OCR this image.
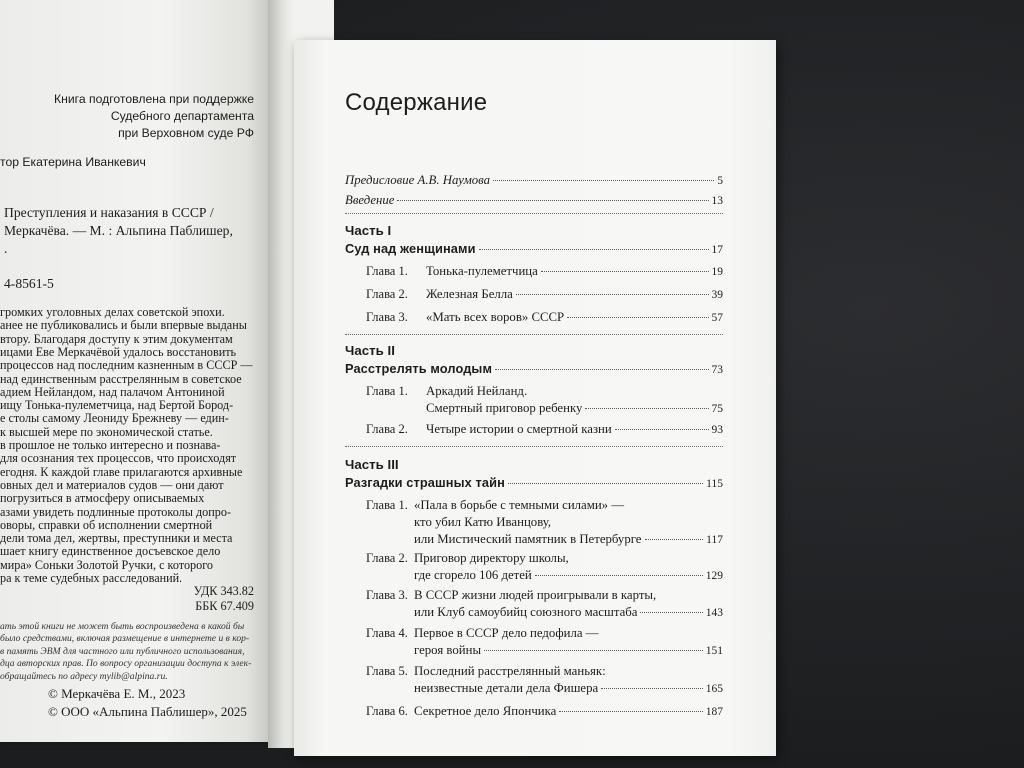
Книга подготовлена при поддержке
Судебного департамента
при Верховном суде РФ
тор Екатерина Иванкевич
Преступления и наказания в СССР /
Меркачёва. — М. : Альпина Паблишер,
.
4-8561-5
громких уголовных делах советской эпохи.
анее не публиковались и были впервые выданы
втору. Благодаря доступу к этим документам
ицами Еве Меркачёвой удалось восстановить
процессов над последним казненным в СССР —
над единственным расстрелянным в советское
адием Нейландом, над палачом Антониной
ищу Тонька-пулеметчица, над Бертой Бород-
е столы самому Леониду Брежневу — един-
к высшей мере по экономической статье.
в прошлое не только интересно и познава-
для осознания тех процессов, что происходят
егодня. К каждой главе прилагаются архивные
овных дел и материалов судов — они дают
погрузиться в атмосферу описываемых
азами увидеть подлинные протоколы допро-
оворы, справки об исполнении смертной
дели тома дел, жертвы, преступники и места
шает книгу единственное досъевское дело
мира» Соньки Золотой Ручки, с которого
ра к теме судебных расследований.
УДК 343.82
ББК 67.409
ать этой книги не может быть воспроизведена в какой бы
было средствами, включая размещение в интернете и в кор-
в память ЭВМ для частного или публичного использования,
дца авторских прав. По вопросу организации доступа к элек-
обращайтесь по адресу mylib@alpina.ru.
© Меркачёва Е. М., 2023
© ООО «Альпина Паблишер», 2025
Содержание
Предисловие А.В. Наумова	5
Введение	13
Часть I
Суд над женщинами	17
Глава 1. Тонька-пулеметчица	19
Глава 2. Железная Белла	39
Глава 3. «Мать всех воров» СССР	57
Часть II
Расстрелять молодым	73
Глава 1. Аркадий Нейланд.
Смертный приговор ребенку	75
Глава 2. Четыре истории о смертной казни	93
Часть III
Разгадки страшных тайн	115
Глава 1. «Пала в борьбе с темными силами» —
кто убил Катю Иванцову,
или Мистический памятник в Петербурге	117
Глава 2. Приговор директору школы,
где сгорело 106 детей	129
Глава 3. В СССР жизни людей проигрывали в карты,
или Клуб самоубийц союзного масштаба	143
Глава 4. Первое в СССР дело педофила —
героя войны	151
Глава 5. Последний расстрелянный маньяк:
неизвестные детали дела Фишера	165
Глава 6. Секретное дело Япончика	187
